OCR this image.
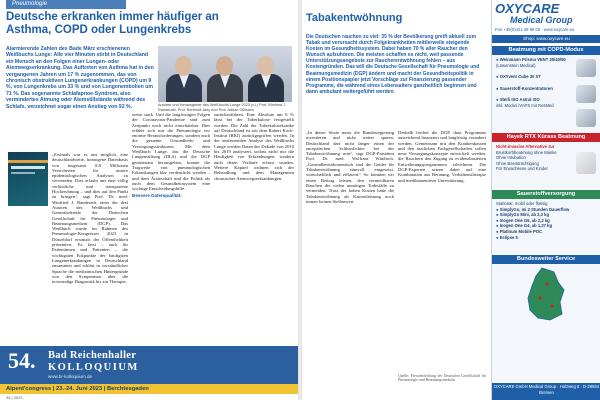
Pneumologie
Deutsche erkranken immer häufiger an Asthma, COPD oder Lungenkrebs
Alarmierende Zahlen des Bade März erschienenen Weißbuchs Lunge: Alle vier Minuten stirbt in Deutschland ein Mensch an den Folgen einer Lungen- oder Atemwegserkrankung. Das Auftreten von Asthma hat in den vergangenen Jahren um 17 % zugenommen, das von chronisch obstruktiven Lungenerkrankungen (COPD) um 9 %, von Lungenkrebs um 33 % und von Lungenembolien um 71 %. Das sogenannte Schlafapnoe-Syndrom, also vermindertes Atmung oder Atemstillstände während des Schlafs, verzeichnet sogar einen Anstieg von 92 %.	Autoren und Herausgeber des Weißbuchs Lunge 2023 (v.l.) Prof. Winfried J. Randerath, Prof. Berthold Jany und Prof. Adrian Gillissen
„Erstmals war es uns möglich, eine deutschlandweite, homogene Datenbasis von insgesamt 8,8 Millionen Versicherten für unsere epidemiologischen Analysen zu verwenden. Dies erlaubt uns eine völlig verlässliche und transparente Hochrechnung – und dies auf den Punkt zu bringen“, sagt Prof. Dr. med. Winfried J. Randerath, einer der drei Autoren des Weißbuchs und Generalsekretär der Deutschen Gesellschaft für Pneumologie und Beatmungsmedizin (DGP). Das Weißbuch wurde im Rahmen des Pneumologie-Kongresses 2023 in Düsseldorf erstmals der Öffentlichkeit präsentiert. Es fasst – auch für Patientinnen und Patienten – die wichtigsten Eckpunkte der häufigsten Lungenerkrankungen in Deutschland zusammen und erklärt in verständlicher Sprache die medizinischen Hintergründe von den Symptomen über die notwendige Diagnostik bis zur Therapie.
weise stark. Und die langfristigen Folgen der Coronavirus-Pandemie sind zum Zeitpunkt noch nicht einschätzbar. Dies erfährt sich nur die Pneumologie vor enorme Herausforderungen, sondern auch die gesamte Gesundheits- und Versorgungsstrukturen. Mit dem Weißbuch Lunge, das die Deutsche Lungenstiftung (DLS) und die DGP gemeinsam herausgeben, konnte die Tragweite von pneumologischen Erkrankungen klar verdeutlicht werden – und dem Ärzteschaft und die Politik als auch dem Gesundheitssystem eine wichtige Entscheidungshilfe.
Bessere Datenqualität:
zurückzuführen. Eine Absolute um 6 % lässt bei der Tuberkulose festgestellt werden. Die Zahl der Tuberkulosekranke auf Deutschland ist seit dem Robert Koch-Institut (RKI) zurückgegriffen werden. In der umfassenden Analyse des Weißbuchs Lunge werden Daten der Dekade von 2010 bis 2019 analysiert, sodass nicht nur die Häufigkeit von Erkrankungen, sondern auch deren Verläufe erfasst wurden. Weitere Kapitel widmen sich der Behandlung und dem Management chronischer Atemwegserkrankungen.
54. Bad Reichenhaller
KOLLOQUIUM
www.br-kolloquium.de
Alpent'congress | 23.-24. Juni 2023 | Berchtesgaden
34 | 2023
Tabakentwöhnung
Die Deutschen rauchen zu viel: 35 % der Bevölkerung greift aktuell zum Tabak und verursacht durch Folgekrankheiten mittlerweile steigende Kosten im Gesundheitssystem. Dabei haben 70 % aller Raucher den Wunsch aufzuhören. Die meisten schaffen es nicht, weil passende Unterstützungsangebote zur Raucherentwöhnung fehlen – aus Kostengründen. Das will die Deutsche Gesellschaft für Pneumologie und Beatmungsmedizin (DGP) ändern und macht der Gesundheitspolitik in einem Positionspapier jetzt Vorschläge zur Finanzierung passender Programme, die während eines Lebensalters ganzheitlich beginnen und dann ambulant weitergeführt werden.
„In dieser Sitzte muss die Bundesregierung investieren und nicht weiter sparen. Deutschland darf nicht länger einen der europäischen Schlusslichter bei der Tabakentwöhnung sein“, sagt DGP-Präsident Prof. Dr. med. Wolfram Windisch. „Gesundheitsökonomisch sind die Gelder für Tabakentwöhnung sinnvoll eingesetzt, wirtschaftlich und effizient.“ So könnten wir einen Beitrag leisten, den vermeidbaren Rauchen die vielen unnötigen Todesfälle zu vermeiden. Trotz der hohen Kosten hätte die Tabakentwöhnung als Kassenleistung noch immer keinen Stellenwert.
Deshalb fordert die DGP, dass Programme ausreichend finanziert und langfristig verankert werden. Gemeinsam mit den Krankenkassen und den ärztlichen Fachgesellschaften sollen neue Versorgungskonzepte entwickelt werden, die Rauchern den Zugang zu evidenzbasierten Entwöhnungsprogrammen erleichtern. Die DGP-Experten setzen dabei auf eine Kombination aus Beratung, Verhaltenstherapie und medikamentöser Unterstützung.
Quelle: Pressemitteilung der Deutschen Gesellschaft für Pneumologie und Beatmungsmedizin
OXYCARE
Medical Group
Fon +49(0)421 48 99 66 · www.oxycare.eu
Shop: www.oxycare.eu
Beatmung mit COPD-Modus
● Weinmann Prisma VENT 30/40/50
(Löwenstein Medical)
● OXYvent Cube 30 ST
● Sauerstoff-Konzentratoren
● Sterli ISO Astral ISO
inkl. Modus iVAPS mit ResMed
Hayek RTX Kürass Beatmung
Nicht-invasive Alternative zur
Brustkorbbeatmung ohne Maske
Ohne Intubation
Ohne Beeinträchtigung
Für Erwachsene und Kinder
Sauerstoffversorgung
Stationär, mobil oder flüssig
● SimplyGo, mi 2 Stunden Dauerflow
● SimplyGo Mini, ab 2,3 kg
● Inogen One G5, ab 2,2 kg
● Inogen One G4, ab 1,27 kg
● Platinum Mobile POC
● Eclipse 5
Bundesweiter Service
OXYCARE GmbH Medical Group · Holzweg 8 · D-28834 Bremen
